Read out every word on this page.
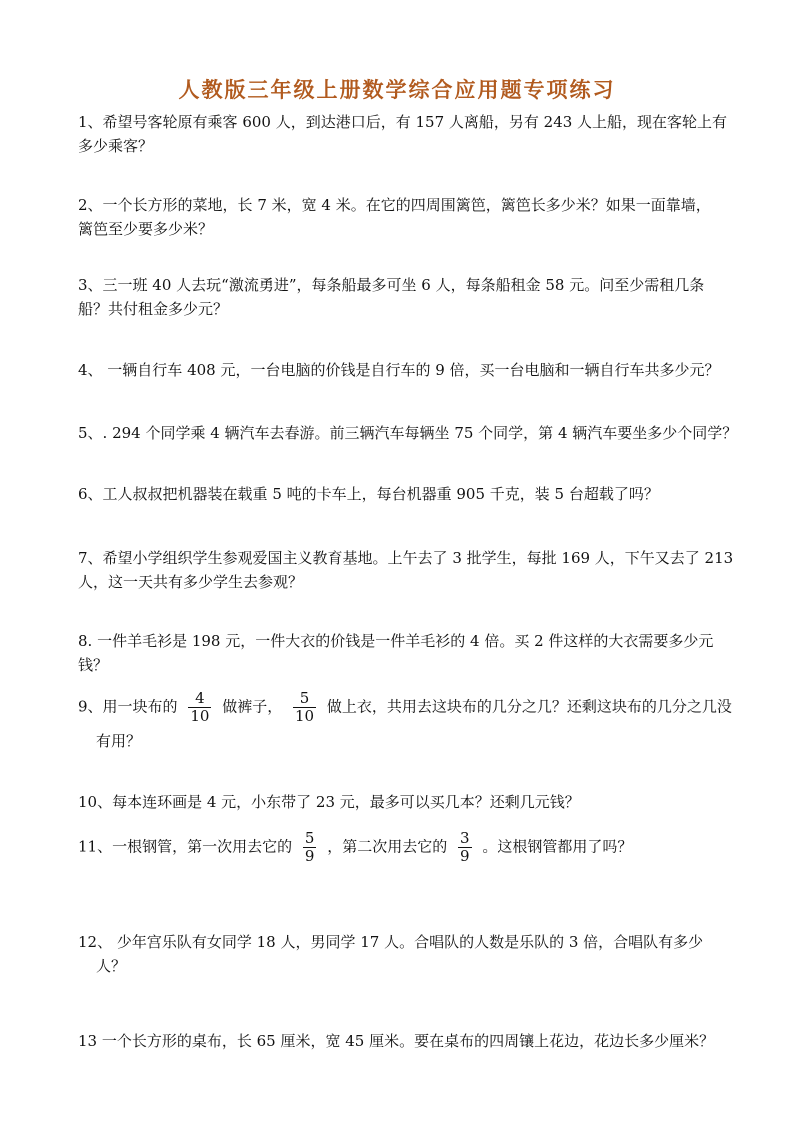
人教版三年级上册数学综合应用题专项练习
1、希望号客轮原有乘客 600 人，到达港口后，有 157 人离船，另有 243 人上船，现在客轮上有
多少乘客？
2、一个长方形的菜地，长 7 米，宽 4 米。在它的四周围篱笆，篱笆长多少米？如果一面靠墙，
篱笆至少要多少米？
3、三一班 40 人去玩“激流勇进”，每条船最多可坐 6 人，每条船租金 58 元。问至少需租几条
船？共付租金多少元？
4、 一辆自行车 408 元，一台电脑的价钱是自行车的 9 倍，买一台电脑和一辆自行车共多少元？
5、. 294 个同学乘 4 辆汽车去春游。前三辆汽车每辆坐 75 个同学，第 4 辆汽车要坐多少个同学？
6、工人叔叔把机器装在载重 5 吨的卡车上，每台机器重 905 千克，装 5 台超载了吗？
7、希望小学组织学生参观爱国主义教育基地。上午去了 3 批学生，每批 169 人，下午又去了 213
人，这一天共有多少学生去参观？
8. 一件羊毛衫是 198 元，一件大衣的价钱是一件羊毛衫的 4 倍。买 2 件这样的大衣需要多少元
钱？
9、用一块布的 $\frac{4}{10}$ 做裤子， $\frac{5}{10}$ 做上衣，共用去这块布的几分之几？还剩这块布的几分之几没
有用？
10、每本连环画是 4 元，小东带了 23 元，最多可以买几本？还剩几元钱？
11、一根钢管，第一次用去它的 $\frac{5}{9}$ ，第二次用去它的 $\frac{3}{9}$ 。这根钢管都用了吗？
12、 少年宫乐队有女同学 18 人，男同学 17 人。合唱队的人数是乐队的 3 倍，合唱队有多少
人？
13 一个长方形的桌布，长 65 厘米，宽 45 厘米。要在桌布的四周镶上花边，花边长多少厘米？
